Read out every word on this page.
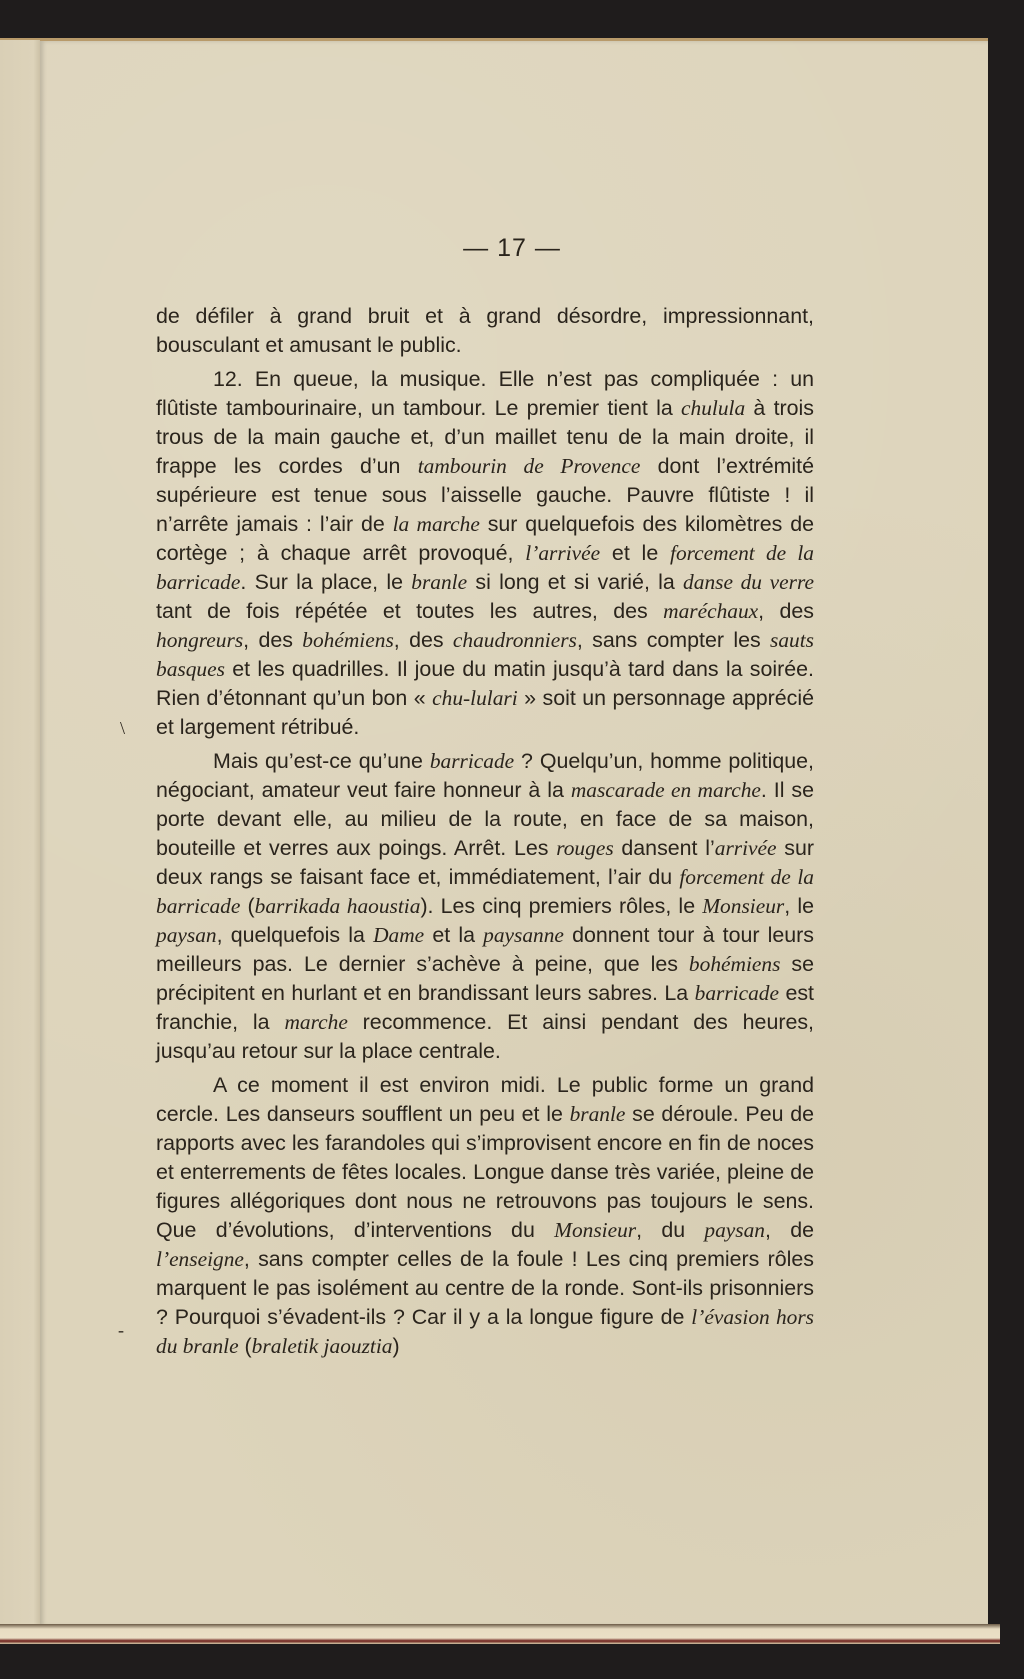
— 17 —

de défiler à grand bruit et à grand désordre, impressionnant, bousculant et amusant le public.

12. En queue, la musique. Elle n’est pas compliquée : un flûtiste tambourinaire, un tambour. Le premier tient la chulula à trois trous de la main gauche et, d’un maillet tenu de la main droite, il frappe les cordes d’un tambourin de Provence dont l’extrémité supérieure est tenue sous l’aisselle gauche. Pauvre flûtiste ! il n’arrête jamais : l’air de la marche sur quelquefois des kilomètres de cortège ; à chaque arrêt provoqué, l’arrivée et le forcement de la barricade. Sur la place, le branle si long et si varié, la danse du verre tant de fois répétée et toutes les autres, des maréchaux, des hongreurs, des bohémiens, des chaudronniers, sans compter les sauts basques et les quadrilles. Il joue du matin jusqu’à tard dans la soirée. Rien d’étonnant qu’un bon « chu-lulari » soit un personnage apprécié et largement rétribué.

Mais qu’est-ce qu’une barricade ? Quelqu’un, homme politique, négociant, amateur veut faire honneur à la mascarade en marche. Il se porte devant elle, au milieu de la route, en face de sa maison, bouteille et verres aux poings. Arrêt. Les rouges dansent l’arrivée sur deux rangs se faisant face et, immédiatement, l’air du forcement de la barricade (barrikada haoustia). Les cinq premiers rôles, le Monsieur, le paysan, quelquefois la Dame et la paysanne donnent tour à tour leurs meilleurs pas. Le dernier s’achève à peine, que les bohémiens se précipitent en hurlant et en brandissant leurs sabres. La barricade est franchie, la marche recommence. Et ainsi pendant des heures, jusqu’au retour sur la place centrale.

A ce moment il est environ midi. Le public forme un grand cercle. Les danseurs soufflent un peu et le branle se déroule. Peu de rapports avec les farandoles qui s’improvisent encore en fin de noces et enterrements de fêtes locales. Longue danse très variée, pleine de figures allégoriques dont nous ne retrouvons pas toujours le sens. Que d’évolutions, d’interventions du Monsieur, du paysan, de l’enseigne, sans compter celles de la foule ! Les cinq premiers rôles marquent le pas isolément au centre de la ronde. Sont-ils prisonniers ? Pourquoi s’évadent-ils ? Car il y a la longue figure de l’évasion hors du branle (braletik jaouztia)

\
-
